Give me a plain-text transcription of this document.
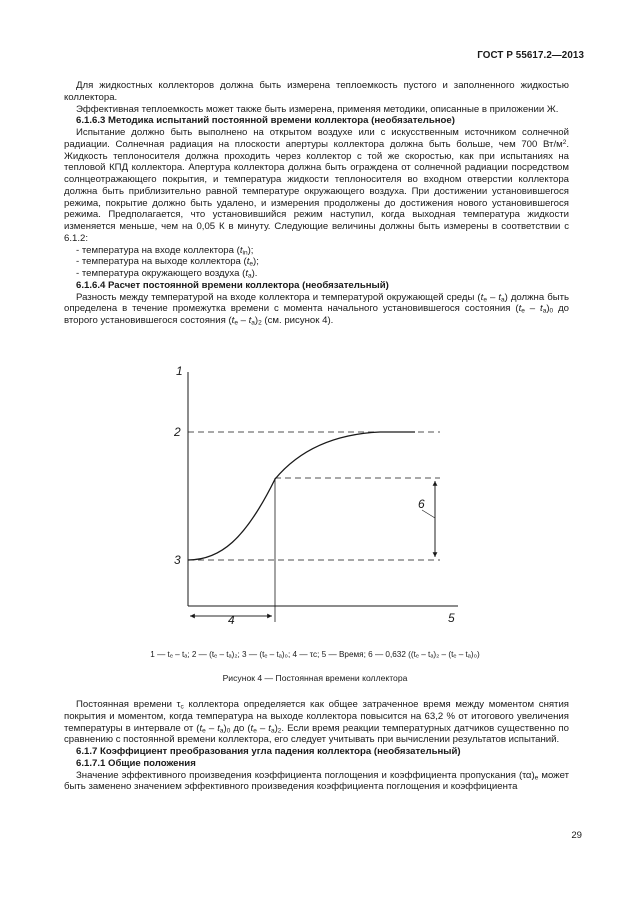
ГОСТ Р 55617.2—2013

Для жидкостных коллекторов должна быть измерена теплоемкость пустого и заполненного жидкостью коллектора.

Эффективная теплоемкость может также быть измерена, применяя методики, описанные в приложении Ж.

6.1.6.3 Методика испытаний постоянной времени коллектора (необязательное)

Испытание должно быть выполнено на открытом воздухе или с искусственным источником солнечной радиации. Солнечная радиация на плоскости апертуры коллектора должна быть больше, чем 700 $Вт/м^2$. Жидкость теплоносителя должна проходить через коллектор с той же скоростью, как при испытаниях на тепловой КПД коллектора. Апертура коллектора должна быть ограждена от солнечной радиации посредством солнцеотражающего покрытия, и температура жидкости теплоносителя во входном отверстии коллектора должна быть приблизительно равной температуре окружающего воздуха. При достижении установившегося режима, покрытие должно быть удалено, и измерения продолжены до достижения нового установившегося режима. Предполагается, что установившийся режим наступил, когда выходная температура жидкости изменяется меньше, чем на 0,05 К в минуту. Следующие величины должны быть измерены в соответствии с 6.1.2:

- температура на входе коллектора $(t_{in})$;

- температура на выходе коллектора $(t_e)$;

- температура окружающего воздуха $(t_a)$.

6.1.6.4 Расчет постоянной времени коллектора (необязательный)

Разность между температурой на входе коллектора и температурой окружающей среды $(t_e - t_a)$ должна быть определена в течение промежутка времени с момента начального установившегося состояния $(t_e - t_a)_0$ до второго установившегося состояния $(t_e - t_a)_2$ (см. рисунок 4).

1
2
3
4	5
6
1 — tₑ – tₐ; 2 — (tₑ – tₐ)₂; 3 — (tₑ – tₐ)₀; 4 — τc; 5 — Время; 6 — 0,632 ((tₑ – tₐ)₂ – (tₑ – tₐ)₀)
Рисунок 4 — Постоянная времени коллектора

Постоянная времени $\tau_c$ коллектора определяется как общее затраченное время между моментом снятия покрытия и моментом, когда температура на выходе коллектора повысится на 63,2 % от итогового увеличения температуры в интервале от $(t_e - t_a)_0$ до $(t_e - t_a)_2$. Если время реакции температурных датчиков существенно по сравнению с постоянной времени коллектора, его следует учитывать при вычислении результатов испытаний.

6.1.7 Коэффициент преобразования угла падения коллектора (необязательный)

6.1.7.1 Общие положения

Значение эффективного произведения коэффициента поглощения и коэффициента пропускания $(\tau\alpha)_e$ может быть заменено значением эффективного произведения коэффициента поглощения и коэффициента

29
